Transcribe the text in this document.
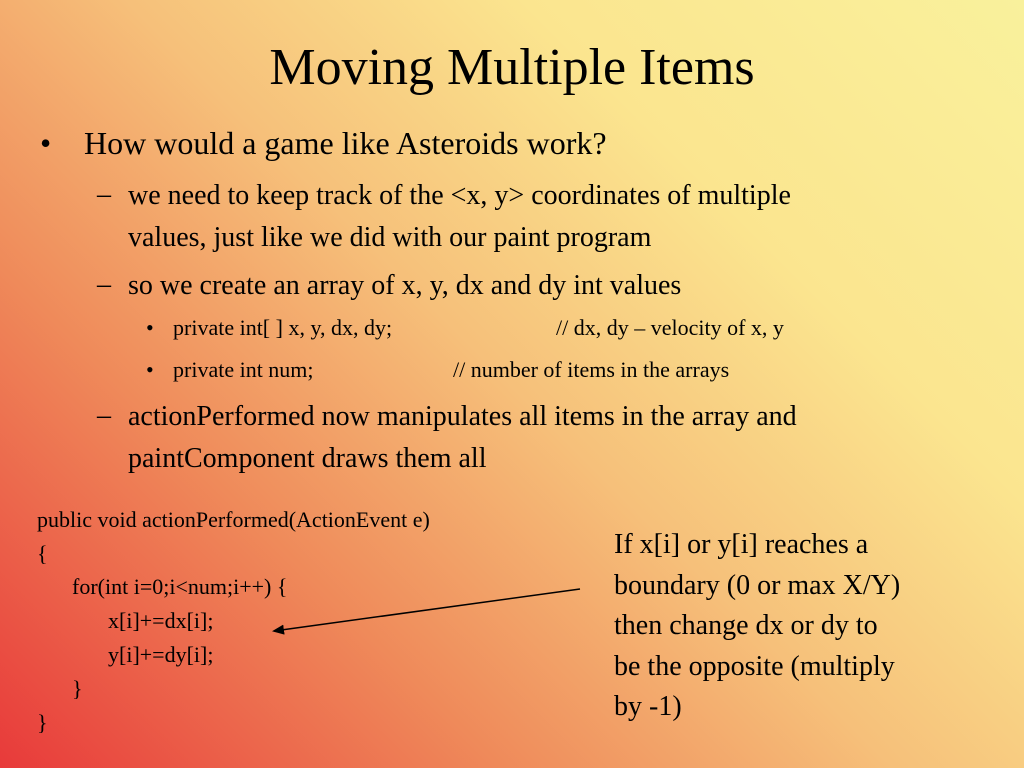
Moving Multiple Items
• How would a game like Asteroids work?
– we need to keep track of the <x, y> coordinates of multiple
values, just like we did with our paint program
– so we create an array of x, y, dx and dy int values
• private int[ ] x, y, dx, dy;	// dx, dy – velocity of x, y
• private int num;	// number of items in the arrays
– actionPerformed now manipulates all items in the array and
paintComponent draws them all
public void actionPerformed(ActionEvent e)
{
for(int i=0;i<num;i++) {
x[i]+=dx[i];
y[i]+=dy[i];
}
}
If x[i] or y[i] reaches a
boundary (0 or max X/Y)
then change dx or dy to
be the opposite (multiply
by -1)
